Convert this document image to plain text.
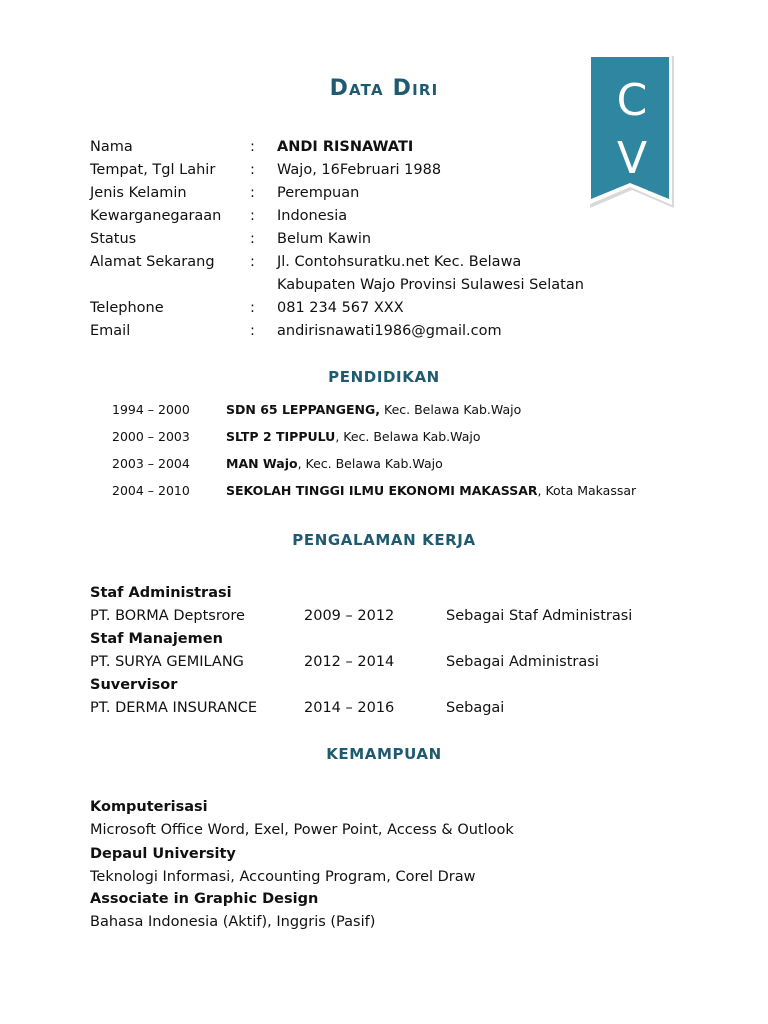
Data Diri	C
V
Nama	: ANDI RISNAWATI
Tempat, Tgl Lahir : Wajo, 16Februari 1988
Jenis Kelamin	: Perempuan
Kewarganegaraan : Indonesia
Status	: Belum Kawin
Alamat Sekarang : Jl. Contohsuratku.net Kec. Belawa
Kabupaten Wajo Provinsi Sulawesi Selatan
Telephone	: 081 234 567 XXX
Email	: andirisnawati1986@gmail.com
PENDIDIKAN
1994 – 2000	SDN 65 LEPPANGENG, Kec. Belawa Kab.Wajo
2000 – 2003	SLTP 2 TIPPULU, Kec. Belawa Kab.Wajo
2003 – 2004	MAN Wajo, Kec. Belawa Kab.Wajo
2004 – 2010	SEKOLAH TINGGI ILMU EKONOMI MAKASSAR, Kota Makassar
PENGALAMAN KERJA
Staf Administrasi
PT. BORMA Deptsrore	2009 – 2012	Sebagai Staf Administrasi
Staf Manajemen
PT. SURYA GEMILANG	2012 – 2014	Sebagai Administrasi
Suvervisor
PT. DERMA INSURANCE	2014 – 2016	Sebagai
KEMAMPUAN
Komputerisasi
Microsoft Office Word, Exel, Power Point, Access & Outlook
Depaul University
Teknologi Informasi, Accounting Program, Corel Draw
Associate in Graphic Design
Bahasa Indonesia (Aktif), Inggris (Pasif)
